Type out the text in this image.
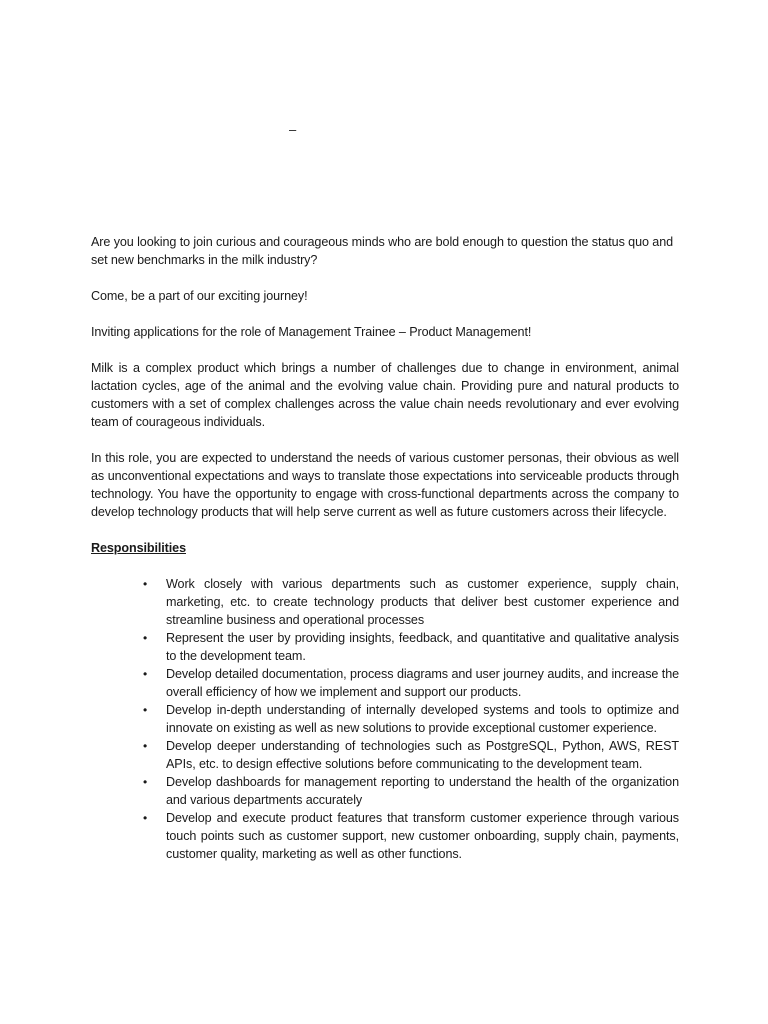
–

Are you looking to join curious and courageous minds who are bold enough to question the status quo and set new benchmarks in the milk industry?

Come, be a part of our exciting journey!

Inviting applications for the role of Management Trainee – Product Management!

Milk is a complex product which brings a number of challenges due to change in environment, animal lactation cycles, age of the animal and the evolving value chain. Providing pure and natural products to customers with a set of complex challenges across the value chain needs revolutionary and ever evolving team of courageous individuals.

In this role, you are expected to understand the needs of various customer personas, their obvious as well as unconventional expectations and ways to translate those expectations into serviceable products through technology. You have the opportunity to engage with cross-functional departments across the company to develop technology products that will help serve current as well as future customers across their lifecycle.

Responsibilities
• Work closely with various departments such as customer experience, supply chain, marketing, etc. to create technology products that deliver best customer experience and streamline business and operational processes
• Represent the user by providing insights, feedback, and quantitative and qualitative analysis to the development team.
• Develop detailed documentation, process diagrams and user journey audits, and increase the overall efficiency of how we implement and support our products.
• Develop in-depth understanding of internally developed systems and tools to optimize and innovate on existing as well as new solutions to provide exceptional customer experience.
• Develop deeper understanding of technologies such as PostgreSQL, Python, AWS, REST APIs, etc. to design effective solutions before communicating to the development team.
• Develop dashboards for management reporting to understand the health of the organization and various departments accurately
• Develop and execute product features that transform customer experience through various touch points such as customer support, new customer onboarding, supply chain, payments, customer quality, marketing as well as other functions.
